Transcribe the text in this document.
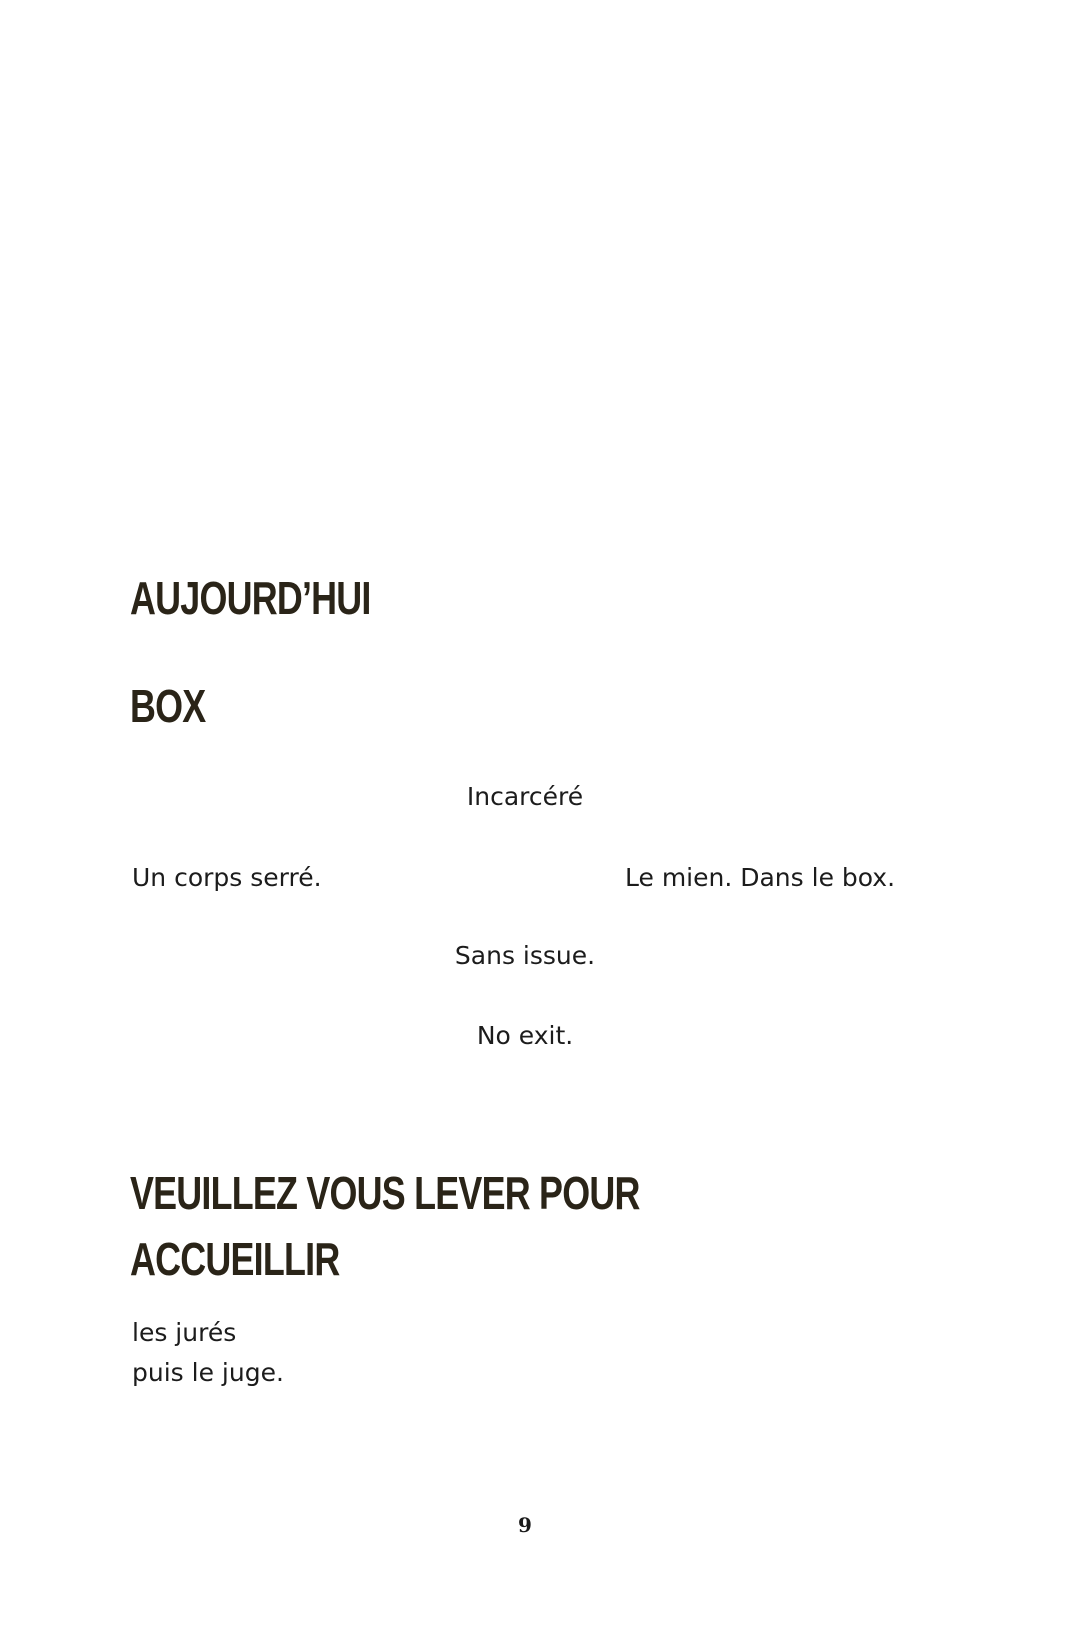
AUJOURD’HUI
BOX

Incarcéré

Un corps serré.	Le mien. Dans le box.

Sans issue.

No exit.

VEUILLEZ VOUS LEVER POUR
ACCUEILLIR

les jurés

puis le juge.

9
